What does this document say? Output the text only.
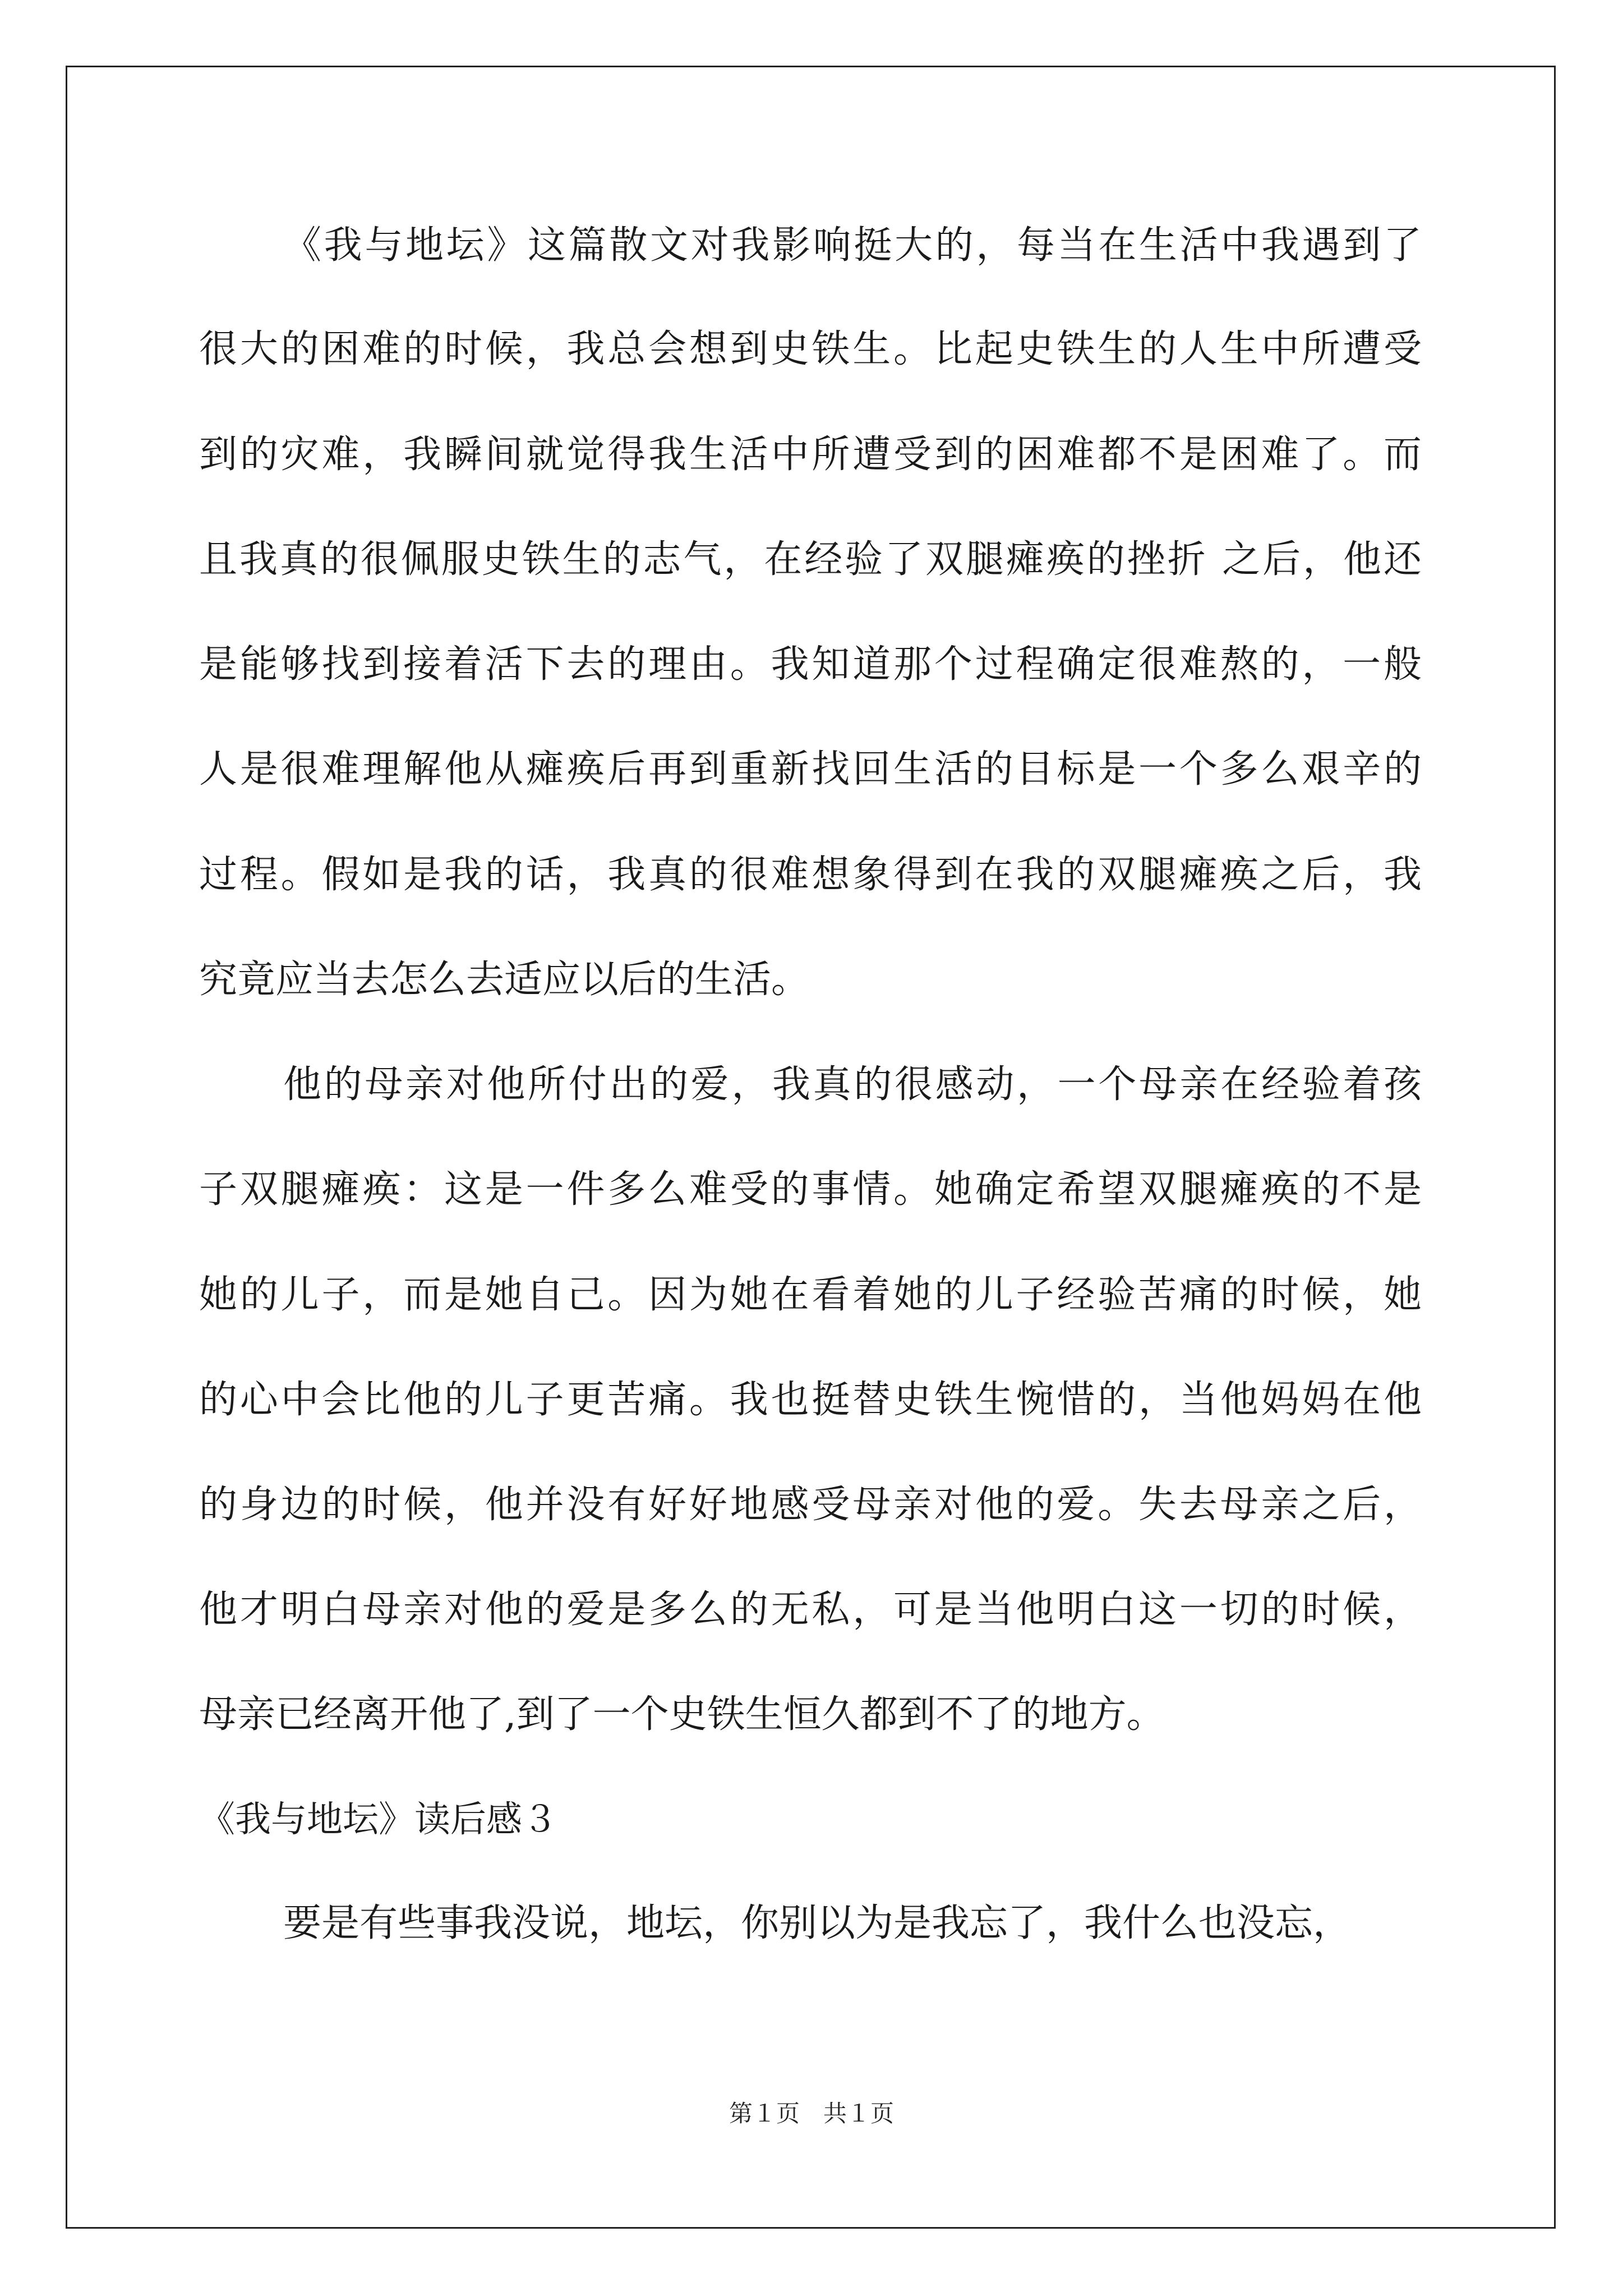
《我与地坛》这篇散文对我影响挺大的，每当在生活中我遇到了
很大的困难的时候，我总会想到史铁生。比起史铁生的人生中所遭受
到的灾难，我瞬间就觉得我生活中所遭受到的困难都不是困难了。而
且我真的很佩服史铁生的志气，在经验了双腿瘫痪的挫折 之后，他还
是能够找到接着活下去的理由。我知道那个过程确定很难熬的，一般
人是很难理解他从瘫痪后再到重新找回生活的目标是一个多么艰辛的
过程。假如是我的话，我真的很难想象得到在我的双腿瘫痪之后，我
究竟应当去怎么去适应以后的生活。
他的母亲对他所付出的爱，我真的很感动，一个母亲在经验着孩
子双腿瘫痪：这是一件多么难受的事情。她确定希望双腿瘫痪的不是
她的儿子，而是她自己。因为她在看着她的儿子经验苦痛的时候，她
的心中会比他的儿子更苦痛。我也挺替史铁生惋惜的，当他妈妈在他
的身边的时候，他并没有好好地感受母亲对他的爱。失去母亲之后，
他才明白母亲对他的爱是多么的无私，可是当他明白这一切的时候，
母亲已经离开他了,到了一个史铁生恒久都到不了的地方。
《我与地坛》读后感３
要是有些事我没说，地坛，你别以为是我忘了，我什么也没忘，
第１页　共１页
